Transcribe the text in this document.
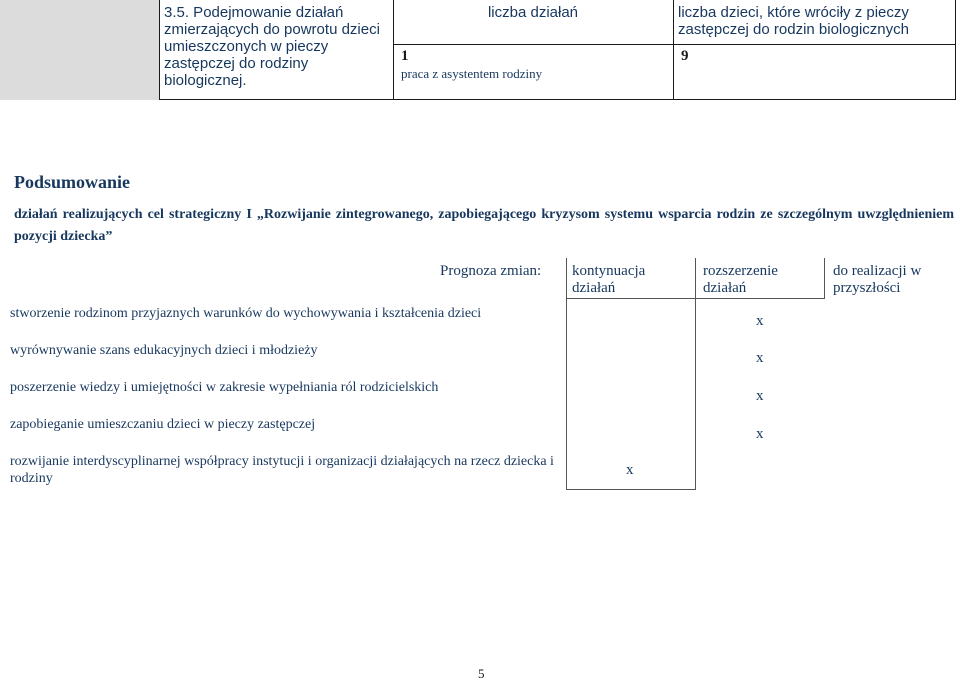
3.5. Podejmowanie działań zmierzających do powrotu dzieci umieszczonych w pieczy zastępczej do rodziny biologicznej.
liczba działań
1
praca z asystentem rodziny
liczba dzieci, które wróciły z pieczy zastępczej do rodzin biologicznych
9
Podsumowanie
działań realizujących cel strategiczny I „Rozwijanie zintegrowanego, zapobiegającego kryzysom systemu wsparcia rodzin ze szczególnym uwzględnieniem pozycji dziecka”
Prognoza zmian: kontynuacja działań
rozszerzenie działań
do realizacji w przyszłości
stworzenie rodzinom przyjaznych warunków do wychowywania i kształcenia dzieci	x
wyrównywanie szans edukacyjnych dzieci i młodzieży	x
poszerzenie wiedzy i umiejętności w zakresie wypełniania ról rodzicielskich
x
zapobieganie umieszczaniu dzieci w pieczy zastępczej
x
rozwijanie interdyscyplinarnej współpracy instytucji i organizacji działających na rzecz dziecka i rodziny
x
5
